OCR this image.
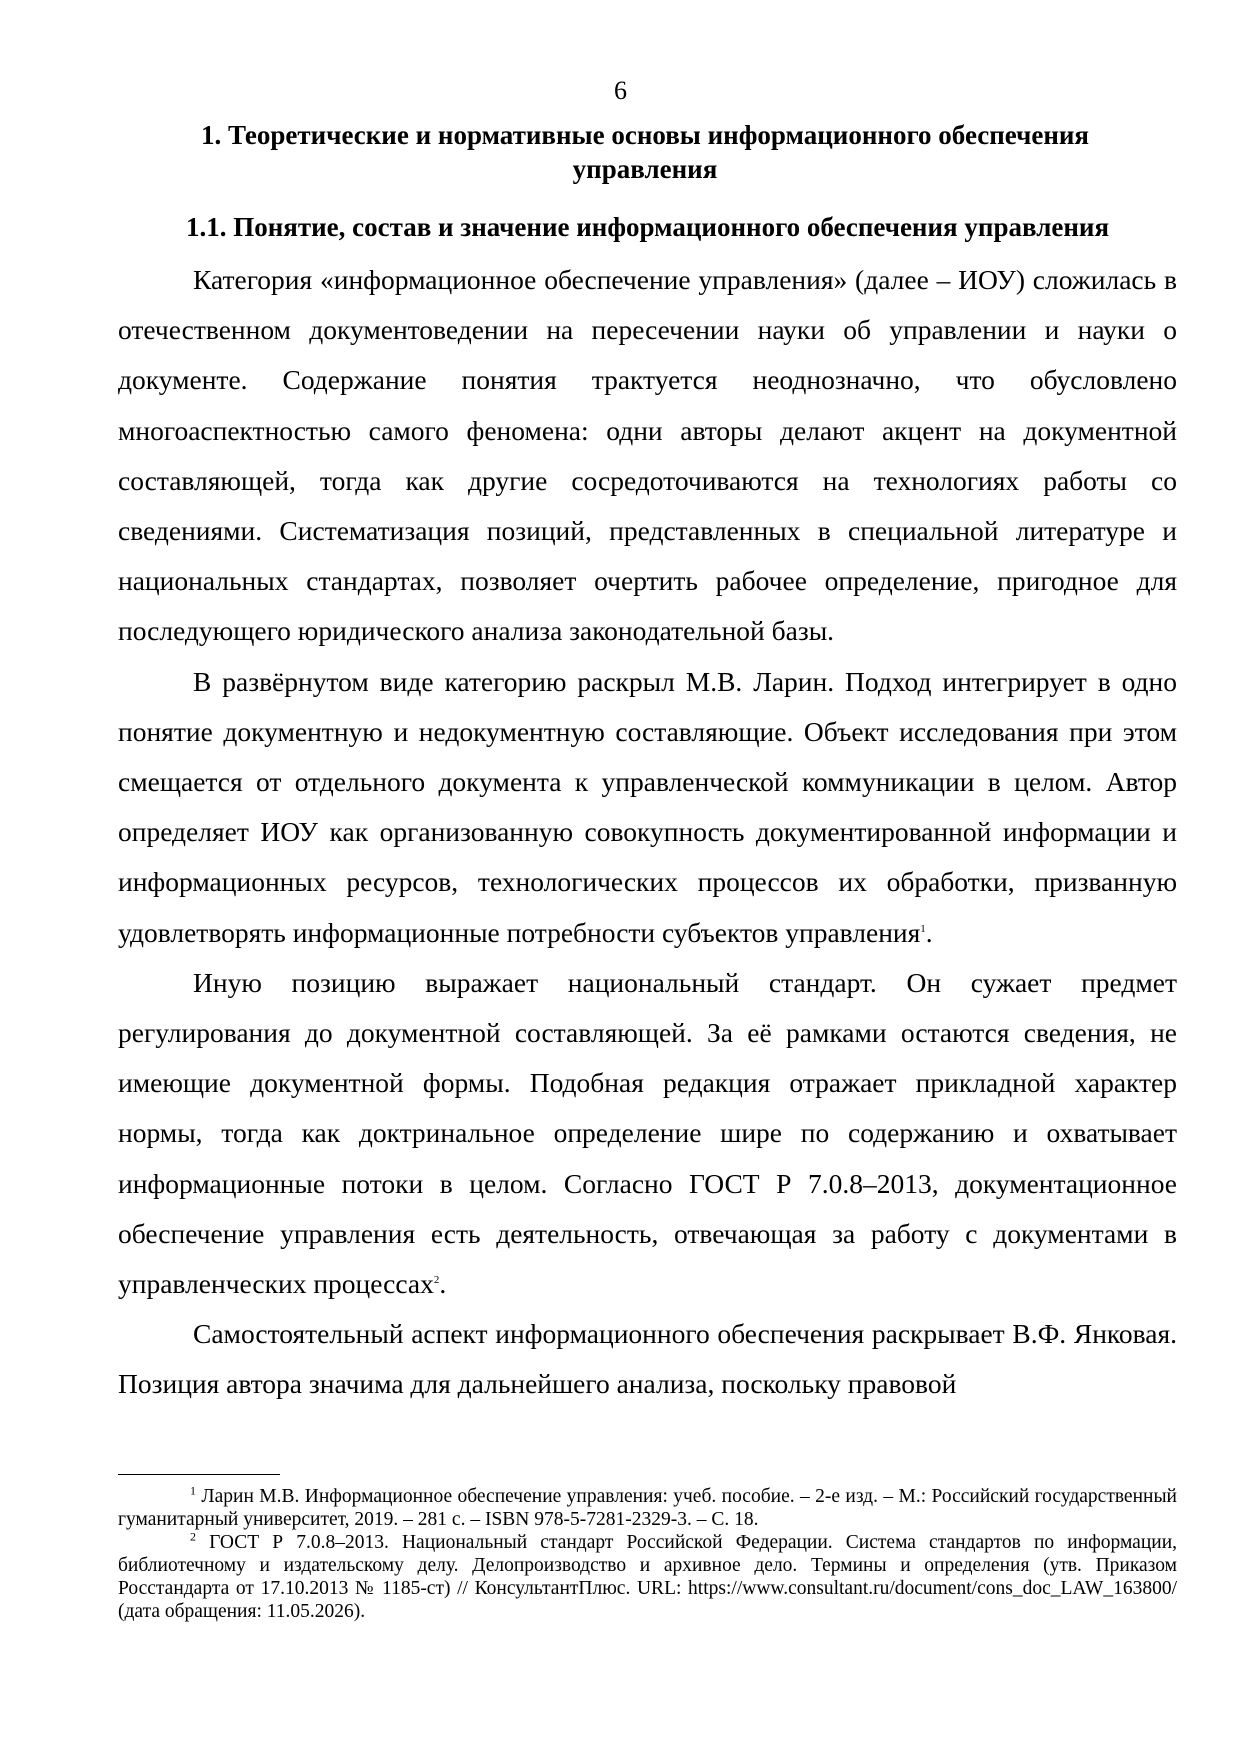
6
1. Теоретические и нормативные основы информационного обеспечения управления
1.1. Понятие, состав и значение информационного обеспечения управления

Категория «информационное обеспечение управления» (далее – ИОУ) сложилась в отечественном документоведении на пересечении науки об управлении и науки о документе. Содержание понятия трактуется неоднозначно, что обусловлено многоаспектностью самого феномена: одни авторы делают акцент на документной составляющей, тогда как другие сосредоточиваются на технологиях работы со сведениями. Систематизация позиций, представленных в специальной литературе и национальных стандартах, позволяет очертить рабочее определение, пригодное для последующего юридического анализа законодательной базы.

В развёрнутом виде категорию раскрыл М.В. Ларин. Подход интегрирует в одно понятие документную и недокументную составляющие. Объект исследования при этом смещается от отдельного документа к управленческой коммуникации в целом. Автор определяет ИОУ как организованную совокупность документированной информации и информационных ресурсов, технологических процессов их обработки, призванную удовлетворять информационные потребности субъектов управления$^1$.

Иную позицию выражает национальный стандарт. Он сужает предмет регулирования до документной составляющей. За её рамками остаются сведения, не имеющие документной формы. Подобная редакция отражает прикладной характер нормы, тогда как доктринальное определение шире по содержанию и охватывает информационные потоки в целом. Согласно ГОСТ Р 7.0.8–2013, документационное обеспечение управления есть деятельность, отвечающая за работу с документами в управленческих процессах$^2$.

Самостоятельный аспект информационного обеспечения раскрывает В.Ф. Янковая. Позиция автора значима для дальнейшего анализа, поскольку правовой

$^1$ Ларин М.В. Информационное обеспечение управления: учеб. пособие. – 2-е изд. – М.: Российский государственный гуманитарный университет, 2019. – 281 с. – ISBN 978-5-7281-2329-3. – С. 18.

$^2$ ГОСТ Р 7.0.8–2013. Национальный стандарт Российской Федерации. Система стандартов по информации, библиотечному и издательскому делу. Делопроизводство и архивное дело. Термины и определения (утв. Приказом Росстандарта от 17.10.2013 № 1185-ст) // КонсультантПлюс. URL: https://www.consultant.ru/document/cons_doc_LAW_163800/ (дата обращения: 11.05.2026).
